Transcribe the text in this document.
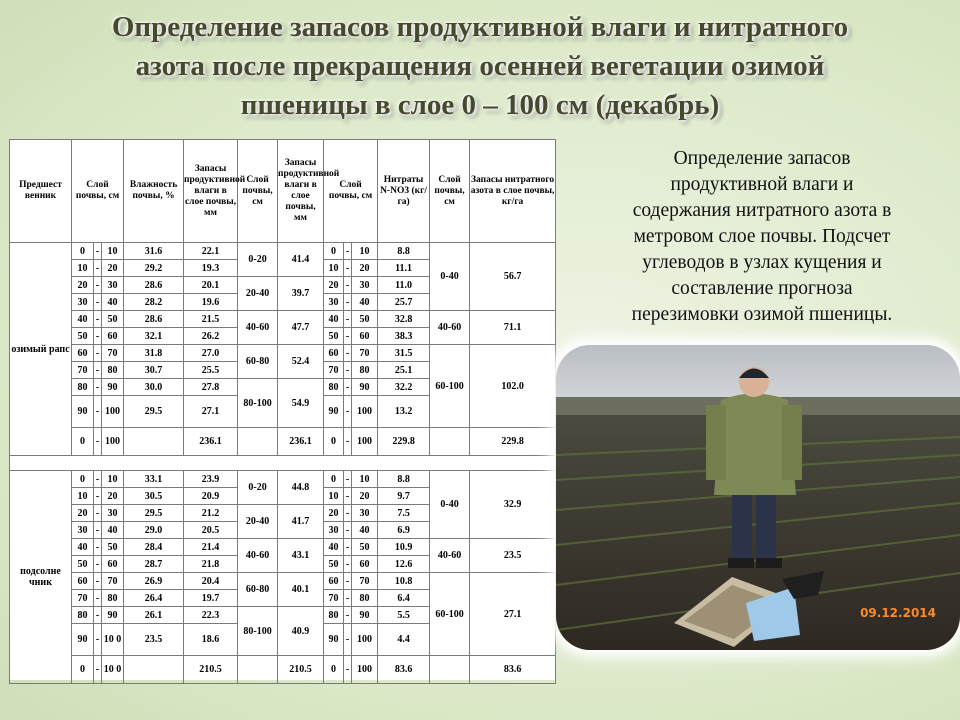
Определение запасов продуктивной влаги и нитратного
азота после прекращения осенней вегетации озимой
пшеницы в слое 0 – 100 см (декабрь)
Предшест венник	Слой почвы, см			Влажность почвы, %	Запасы продуктивной влаги в слое почвы, мм	Слой почвы, см	Запасы продуктивной влаги в слое почвы, мм	Слой почвы, см			Нитраты N-NO3 (кг/га)	Слой почвы, см	Запасы нитратного азота в слое почвы, кг/га
озимый рапс	0	-	10	31.6	22.1	0-20	41.4	0	-	10	8.8	0-40	56.7
	10	-	20	29.2	19.3			10	-	20	11.1		
	20	-	30	28.6	20.1	20-40	39.7	20	-	30	11.0		
	30	-	40	28.2	19.6			30	-	40	25.7		
	40	-	50	28.6	21.5	40-60	47.7	40	-	50	32.8	40-60	71.1
	50	-	60	32.1	26.2			50	-	60	38.3		
	60	-	70	31.8	27.0	60-80	52.4	60	-	70	31.5	60-100	102.0
	70	-	80	30.7	25.5			70	-	80	25.1		
	80	-	90	30.0	27.8	80-100	54.9	80	-	90	32.2		
	90	-	100	29.5	27.1			90	-	100	13.2		
	0	-	100		236.1		236.1	0	-	100	229.8		229.8

подсолне чник	0	-	10	33.1	23.9	0-20	44.8	0	-	10	8.8	0-40	32.9
	10	-	20	30.5	20.9			10	-	20	9.7		
	20	-	30	29.5	21.2	20-40	41.7	20	-	30	7.5		
	30	-	40	29.0	20.5			30	-	40	6.9		
	40	-	50	28.4	21.4	40-60	43.1	40	-	50	10.9	40-60	23.5
	50	-	60	28.7	21.8			50	-	60	12.6		
	60	-	70	26.9	20.4	60-80	40.1	60	-	70	10.8	60-100	27.1
	70	-	80	26.4	19.7			70	-	80	6.4		
	80	-	90	26.1	22.3	80-100	40.9	80	-	90	5.5		
	90	-	10 0	23.5	18.6			90	-	100	4.4		
	0	-	10 0		210.5		210.5	0	-	100	83.6		83.6
Определение запасов
продуктивной влаги и
содержания нитратного азота в
метровом слое почвы. Подсчет
углеводов в узлах кущения и
составление прогноза
перезимовки озимой пшеницы.
09.12.2014
